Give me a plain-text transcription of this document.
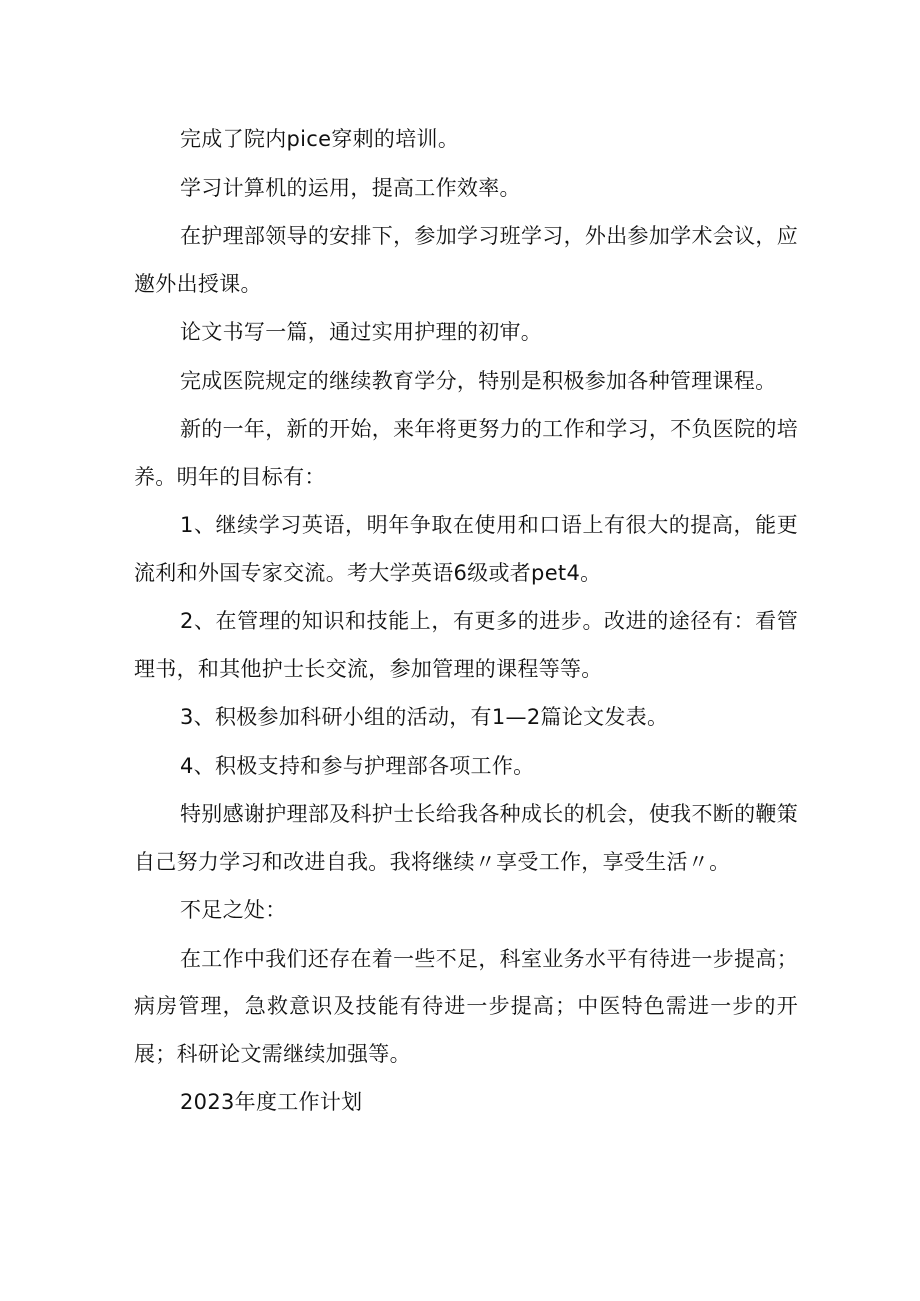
完成了院内pice穿刺的培训。

学习计算机的运用，提高工作效率。

在护理部领导的安排下，参加学习班学习，外出参加学术会议，应邀外出授课。

论文书写一篇，通过实用护理的初审。

完成医院规定的继续教育学分，特别是积极参加各种管理课程。

新的一年，新的开始，来年将更努力的工作和学习，不负医院的培养。明年的目标有：

1、继续学习英语，明年争取在使用和口语上有很大的提高，能更流利和外国专家交流。考大学英语6级或者pet4。

2、在管理的知识和技能上，有更多的进步。改进的途径有：看管理书，和其他护士长交流，参加管理的课程等等。

3、积极参加科研小组的活动，有1—2篇论文发表。

4、积极支持和参与护理部各项工作。

特别感谢护理部及科护士长给我各种成长的机会，使我不断的鞭策自己努力学习和改进自我。我将继续〃享受工作，享受生活〃。

不足之处：

在工作中我们还存在着一些不足，科室业务水平有待进一步提高；病房管理，急救意识及技能有待进一步提高；中医特色需进一步的开展；科研论文需继续加强等。

2023年度工作计划
